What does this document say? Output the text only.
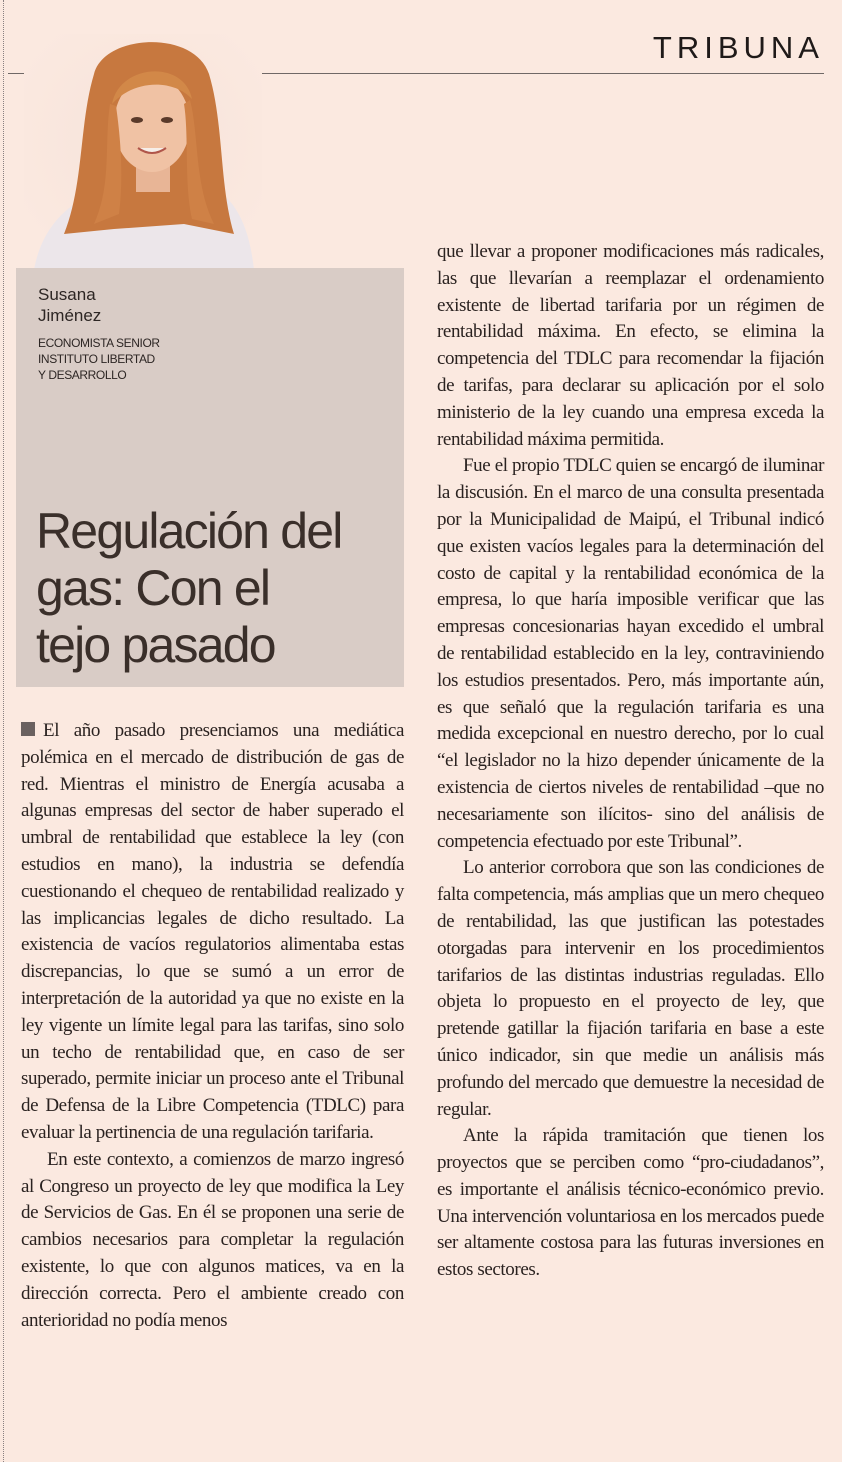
TRIBUNA
Susana
Jiménez
ECONOMISTA SENIOR
INSTITUTO LIBERTAD
Y DESARROLLO
Regulación del
gas: Con el
tejo pasado

El año pasado presenciamos una mediática polémica en el mercado de distribución de gas de red. Mientras el ministro de Energía acusaba a algunas empresas del sector de haber superado el umbral de rentabilidad que establece la ley (con estudios en mano), la industria se defendía cuestionando el chequeo de rentabilidad realizado y las implicancias legales de dicho resultado. La existencia de vacíos regulatorios alimentaba estas discrepancias, lo que se sumó a un error de interpretación de la autoridad ya que no existe en la ley vigente un límite legal para las tarifas, sino solo un techo de rentabilidad que, en caso de ser superado, permite iniciar un proceso ante el Tribunal de Defensa de la Libre Competencia (TDLC) para evaluar la pertinencia de una regulación tarifaria.

En este contexto, a comienzos de marzo ingresó al Congreso un proyecto de ley que modifica la Ley de Servicios de Gas. En él se proponen una serie de cambios necesarios para completar la regulación existente, lo que con algunos matices, va en la dirección correcta. Pero el ambiente creado con anterioridad no podía menos

que llevar a proponer modificaciones más radicales, las que llevarían a reemplazar el ordenamiento existente de libertad tarifaria por un régimen de rentabilidad máxima. En efecto, se elimina la competencia del TDLC para recomendar la fijación de tarifas, para declarar su aplicación por el solo ministerio de la ley cuando una empresa exceda la rentabilidad máxima permitida.

Fue el propio TDLC quien se encargó de iluminar la discusión. En el marco de una consulta presentada por la Municipalidad de Maipú, el Tribunal indicó que existen vacíos legales para la determinación del costo de capital y la rentabilidad económica de la empresa, lo que haría imposible verificar que las empresas concesionarias hayan excedido el umbral de rentabilidad establecido en la ley, contraviniendo los estudios presentados. Pero, más importante aún, es que señaló que la regulación tarifaria es una medida excepcional en nuestro derecho, por lo cual “el legislador no la hizo depender únicamente de la existencia de ciertos niveles de rentabilidad –que no necesariamente son ilícitos- sino del análisis de competencia efectuado por este Tribunal”.

Lo anterior corrobora que son las condiciones de falta competencia, más amplias que un mero chequeo de rentabilidad, las que justifican las potestades otorgadas para intervenir en los procedimientos tarifarios de las distintas industrias reguladas. Ello objeta lo propuesto en el proyecto de ley, que pretende gatillar la fijación tarifaria en base a este único indicador, sin que medie un análisis más profundo del mercado que demuestre la necesidad de regular.

Ante la rápida tramitación que tienen los proyectos que se perciben como “pro-ciudadanos”, es importante el análisis técnico-económico previo. Una intervención voluntariosa en los mercados puede ser altamente costosa para las futuras inversiones en estos sectores.
